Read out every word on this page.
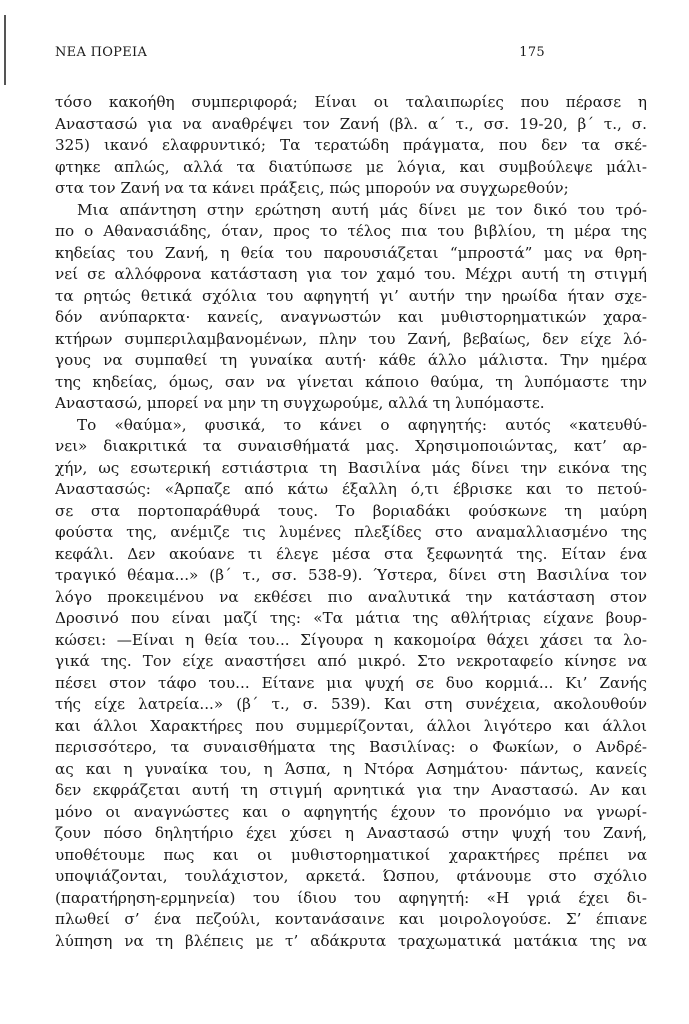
ΝΕΑ ΠΟΡΕΙΑ	175
τόσο κακοήθη συμπεριφορά; Είναι οι ταλαιπωρίες που πέρασε η
Αναστασώ για να αναθρέψει τον Ζανή (βλ. α΄ τ., σσ. 19-20, β΄ τ., σ.
325) ικανό ελαφρυντικό; Τα τερατώδη πράγματα, που δεν τα σκέ-
φτηκε απλώς, αλλά τα διατύπωσε με λόγια, και συμβούλεψε μάλι-
στα τον Ζανή να τα κάνει πράξεις, πώς μπορούν να συγχωρεθούν;
Μια απάντηση στην ερώτηση αυτή μάς δίνει με τον δικό του τρό-
πο ο Αθανασιάδης, όταν, προς το τέλος πια του βιβλίου, τη μέρα της
κηδείας του Ζανή, η θεία του παρουσιάζεται “μπροστά” μας να θρη-
νεί σε αλλόφρονα κατάσταση για τον χαμό του. Μέχρι αυτή τη στιγμή
τα ρητώς θετικά σχόλια του αφηγητή γι’ αυτήν την ηρωίδα ήταν σχε-
δόν ανύπαρκτα· κανείς, αναγνωστών και μυθιστορηματικών χαρα-
κτήρων συμπεριλαμβανομένων, πλην του Ζανή, βεβαίως, δεν είχε λό-
γους να συμπαθεί τη γυναίκα αυτή· κάθε άλλο μάλιστα. Την ημέρα
της κηδείας, όμως, σαν να γίνεται κάποιο θαύμα, τη λυπόμαστε την
Αναστασώ, μπορεί να μην τη συγχωρούμε, αλλά τη λυπόμαστε.
Το «θαύμα», φυσικά, το κάνει ο αφηγητής: αυτός «κατευθύ-
νει» διακριτικά τα συναισθήματά μας. Χρησιμοποιώντας, κατ’ αρ-
χήν, ως εσωτερική εστιάστρια τη Βασιλίνα μάς δίνει την εικόνα της
Αναστασώς: «Άρπαζε από κάτω έξαλλη ό,τι έβρισκε και το πετού-
σε στα πορτοπαράθυρά τους. Το βοριαδάκι φούσκωνε τη μαύρη
φούστα της, ανέμιζε τις λυμένες πλεξίδες στο αναμαλλιασμένο της
κεφάλι. Δεν ακούανε τι έλεγε μέσα στα ξεφωνητά της. Είταν ένα
τραγικό θέαμα...» (β΄ τ., σσ. 538-9). Ύστερα, δίνει στη Βασιλίνα τον
λόγο προκειμένου να εκθέσει πιο αναλυτικά την κατάσταση στον
Δροσινό που είναι μαζί της: «Τα μάτια της αθλήτριας είχανε βουρ-
κώσει: —Είναι η θεία του... Σίγουρα η κακομοίρα θάχει χάσει τα λο-
γικά της. Τον είχε αναστήσει από μικρό. Στο νεκροταφείο κίνησε να
πέσει στον τάφο του... Είτανε μια ψυχή σε δυο κορμιά... Κι’ Ζανής
τής είχε λατρεία...» (β΄ τ., σ. 539). Και στη συνέχεια, ακολουθούν
και άλλοι Χαρακτήρες που συμμερίζονται, άλλοι λιγότερο και άλλοι
περισσότερο, τα συναισθήματα της Βασιλίνας: ο Φωκίων, ο Ανδρέ-
ας και η γυναίκα του, η Άσπα, η Ντόρα Ασημάτου· πάντως, κανείς
δεν εκφράζεται αυτή τη στιγμή αρνητικά για την Αναστασώ. Αν και
μόνο οι αναγνώστες και ο αφηγητής έχουν το προνόμιο να γνωρί-
ζουν πόσο δηλητήριο έχει χύσει η Αναστασώ στην ψυχή του Ζανή,
υποθέτουμε πως και οι μυθιστορηματικοί χαρακτήρες πρέπει να
υποψιάζονται, τουλάχιστον, αρκετά. Ώσπου, φτάνουμε στο σχόλιο
(παρατήρηση-ερμηνεία) του ίδιου του αφηγητή: «Η γριά έχει δι-
πλωθεί σ’ ένα πεζούλι, κοντανάσαινε και μοιρολογούσε. Σ’ έπιανε
λύπηση να τη βλέπεις με τ’ αδάκρυτα τραχωματικά ματάκια της να
